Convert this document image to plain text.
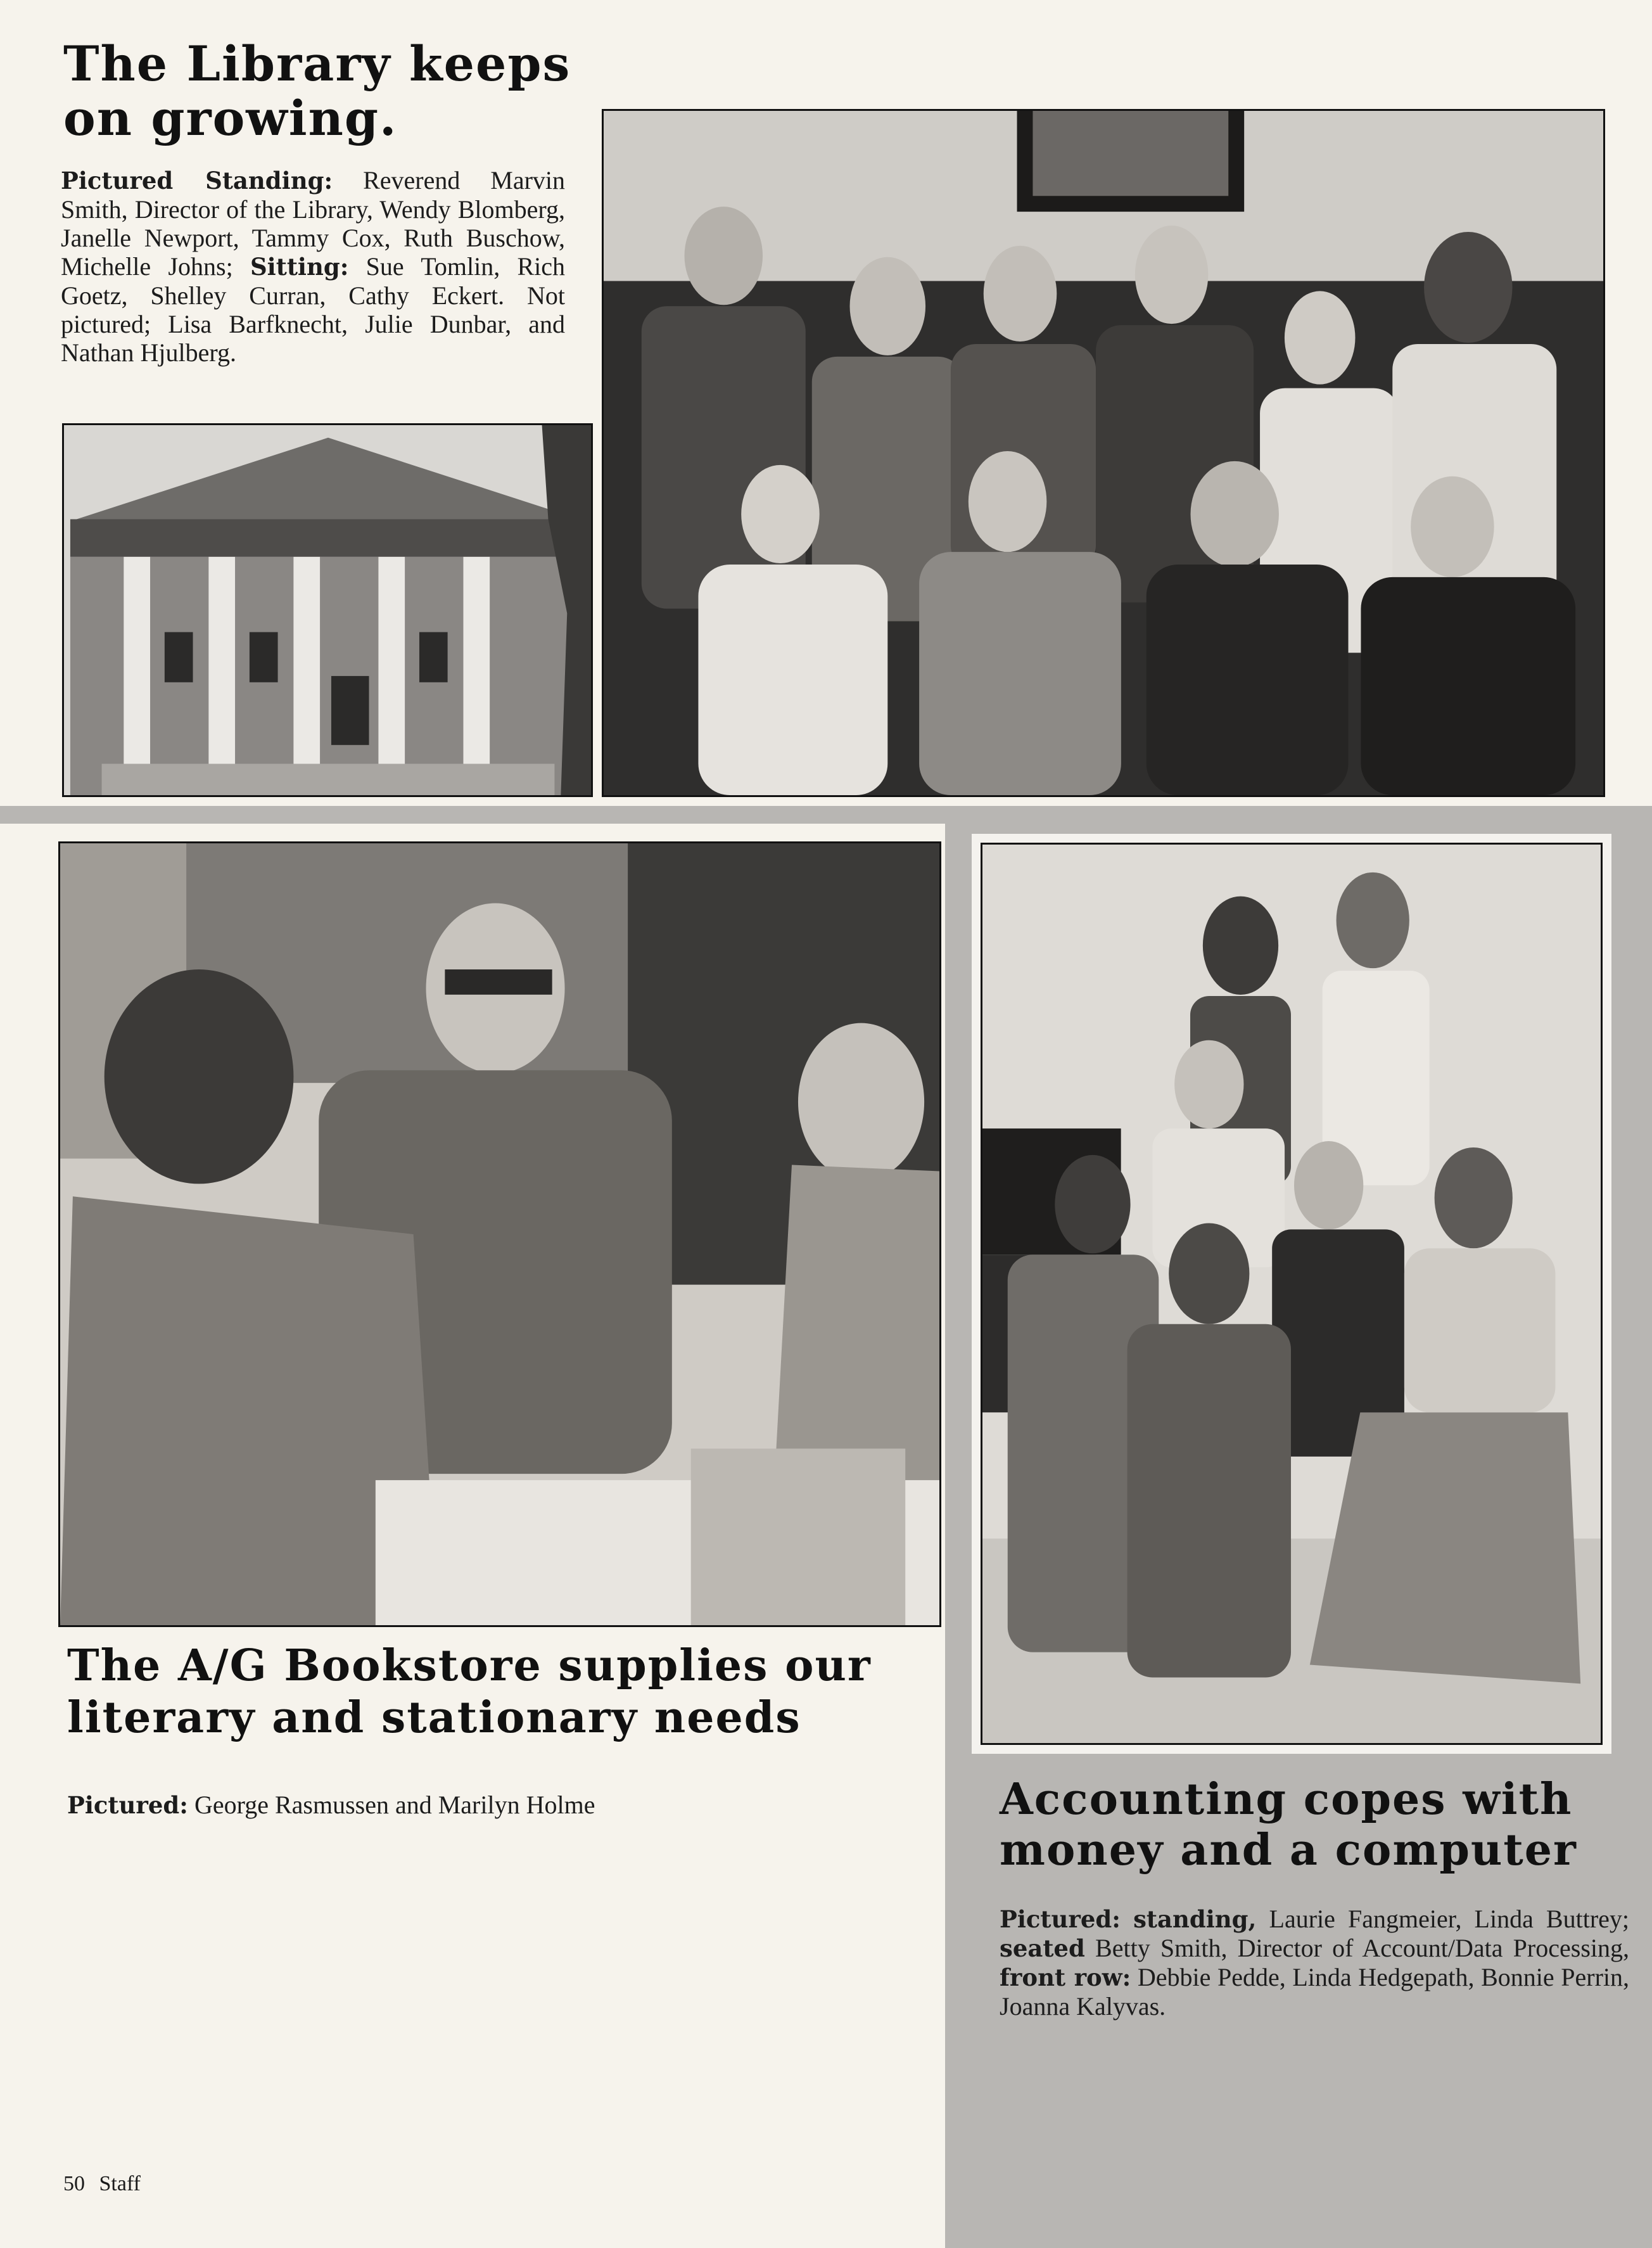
The Library keeps
on growing.
Pictured Standing: Reverend Marvin Smith, Director of the Library, Wendy Blomberg, Janelle Newport, Tammy Cox, Ruth Buschow, Michelle Johns; Sitting: Sue Tomlin, Rich Goetz, Shelley Curran, Cathy Eckert. Not pictured; Lisa Barfknecht, Julie Dunbar, and Nathan Hjulberg.
The A/G Bookstore supplies our
literary and stationary needs
Pictured: George Rasmussen and Marilyn Holme	Accounting copes with
money and a computer
Pictured: standing, Laurie Fangmeier, Linda Buttrey; seated Betty Smith, Director of Account/Data Processing, front row: Debbie Pedde, Linda Hedgepath, Bonnie Perrin, Joanna Kalyvas.
50 Staff
